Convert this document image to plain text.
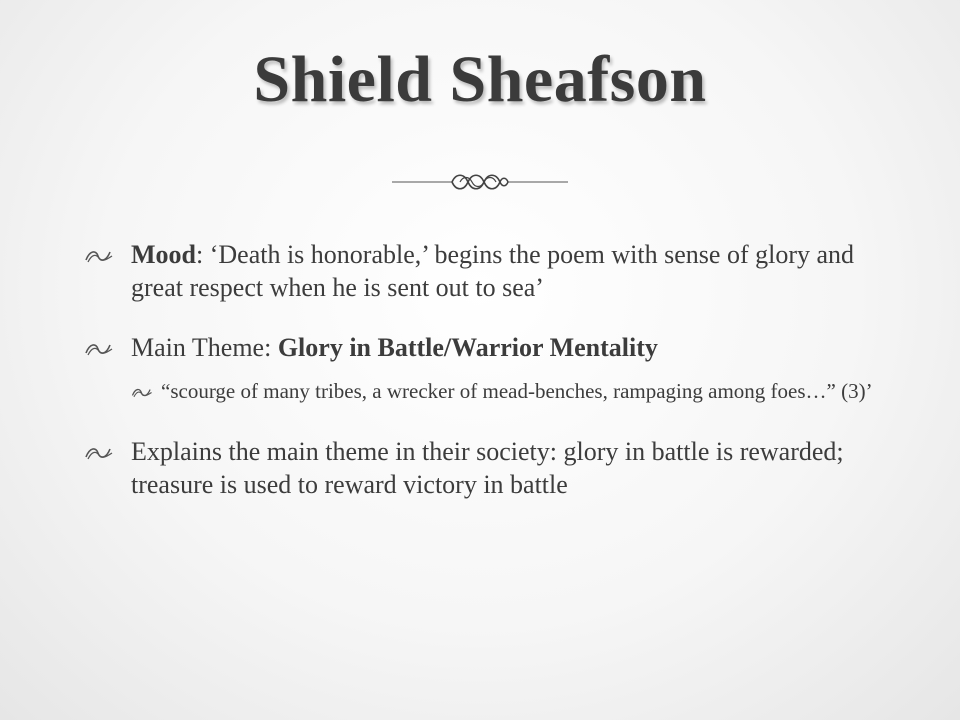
Shield Sheafson
Mood: ‘Death is honorable,’ begins the poem with sense of glory and great respect when he is sent out to sea’
Main Theme: Glory in Battle/Warrior Mentality
“scourge of many tribes, a wrecker of mead-benches, rampaging among foes…” (3)’
Explains the main theme in their society: glory in battle is rewarded; treasure is used to reward victory in battle
